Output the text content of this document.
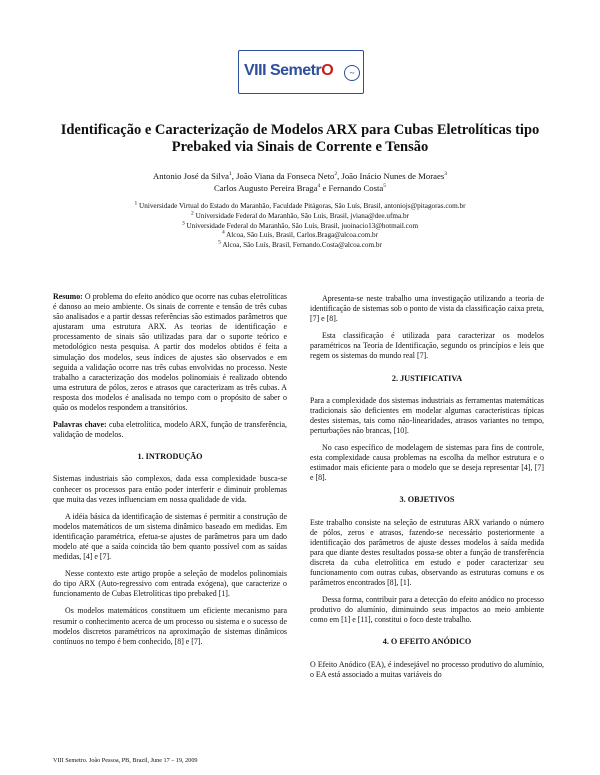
VIII SemetrO	~
Identificação e Caracterização de Modelos ARX para Cubas Eletrolíticas tipo
Prebaked via Sinais de Corrente e Tensão
Antonio José da Silva$^1$, João Viana da Fonseca Neto$^2$, João Inácio Nunes de Moraes$^3$
Carlos Augusto Pereira Braga$^4$ e Fernando Costa$^5$
$^1$ Universidade Virtual do Estado do Maranhão, Faculdade Pitágoras, São Luís, Brasil, antoniojs@pitagoras.com.br
$^2$ Universidade Federal do Maranhão, São Luís, Brasil, jviana@dee.ufma.br
$^3$ Universidade Federal do Maranhão, São Luís, Brasil, juoinacio13@hotmail.com
$^4$ Alcoa, São Luís, Brasil, Carlos.Braga@alcoa.com.br
$^5$ Alcoa, São Luís, Brasil, Fernando.Costa@alcoa.com.br

Resumo: O problema do efeito anódico que ocorre nas cubas eletrolíticas é danoso ao meio ambiente. Os sinais de corrente e tensão de três cubas são analisados e a partir dessas referências são estimados parâmetros que ajustaram uma estrutura ARX. As teorias de identificação e processamento de sinais são utilizadas para dar o suporte teórico e metodológico nesta pesquisa. A partir dos modelos obtidos é feita a simulação dos modelos, seus índices de ajustes são observados e em seguida a validação ocorre nas três cubas envolvidas no processo. Neste trabalho a caracterização dos modelos polinomiais é realizado obtendo uma estrutura de pólos, zeros e atrasos que caracterizam as três cubas. A resposta dos modelos é analisada no tempo com o propósito de saber o quão os modelos respondem a transitórios.

Palavras chave: cuba eletrolítica, modelo ARX, função de transferência, validação de modelos.

1. INTRODUÇÃO

Sistemas industriais são complexos, dada essa complexidade busca-se conhecer os processos para então poder interferir e diminuir problemas que muita das vezes influenciam em nossa qualidade de vida.

A idéia básica da identificação de sistemas é permitir a construção de modelos matemáticos de um sistema dinâmico baseado em medidas. Em identificação paramétrica, efetua-se ajustes de parâmetros para um dado modelo até que a saída coincida tão bem quanto possível com as saídas medidas, [4] e [7].

Nesse contexto este artigo propõe a seleção de modelos polinomiais do tipo ARX (Auto-regressivo com entrada exógena), que caracterize o funcionamento de Cubas Eletrolíticas tipo prebaked [1].

Os modelos matemáticos constituem um eficiente mecanismo para resumir o conhecimento acerca de um processo ou sistema e o sucesso de modelos discretos paramétricos na aproximação de sistemas dinâmicos contínuos no tempo é bem conhecido, [8] e [7].

Apresenta-se neste trabalho uma investigação utilizando a teoria de identificação de sistemas sob o ponto de vista da classificação caixa preta, [7] e [8].

Esta classificação é utilizada para caracterizar os modelos paramétricos na Teoria de Identificação, segundo os princípios e leis que regem os sistemas do mundo real [7].

2. JUSTIFICATIVA

Para a complexidade dos sistemas industriais as ferramentas matemáticas tradicionais são deficientes em modelar algumas características típicas destes sistemas, tais como não-linearidades, atrasos variantes no tempo, perturbações não brancas, [10].

No caso específico de modelagem de sistemas para fins de controle, esta complexidade causa problemas na escolha da melhor estrutura e o estimador mais eficiente para o modelo que se deseja representar [4], [7] e [8].

3. OBJETIVOS

Este trabalho consiste na seleção de estruturas ARX variando o número de pólos, zeros e atrasos, fazendo-se necessário posteriormente a identificação dos parâmetros de ajuste desses modelos à saída medida para que diante destes resultados possa-se obter a função de transferência discreta da cuba eletrolítica em estudo e poder caracterizar seu funcionamento com outras cubas, observando as estruturas comuns e os parâmetros encontrados [8], [1].

Dessa forma, contribuir para a detecção do efeito anódico no processo produtivo do alumínio, diminuindo seus impactos ao meio ambiente como em [1] e [11], constitui o foco deste trabalho.

4. O EFEITO ANÓDICO

O Efeito Anódico (EA), é indesejável no processo produtivo do alumínio, o EA está associado a muitas variáveis do

VIII Semetro. João Pessoa, PB, Brazil, June 17 – 19, 2009
